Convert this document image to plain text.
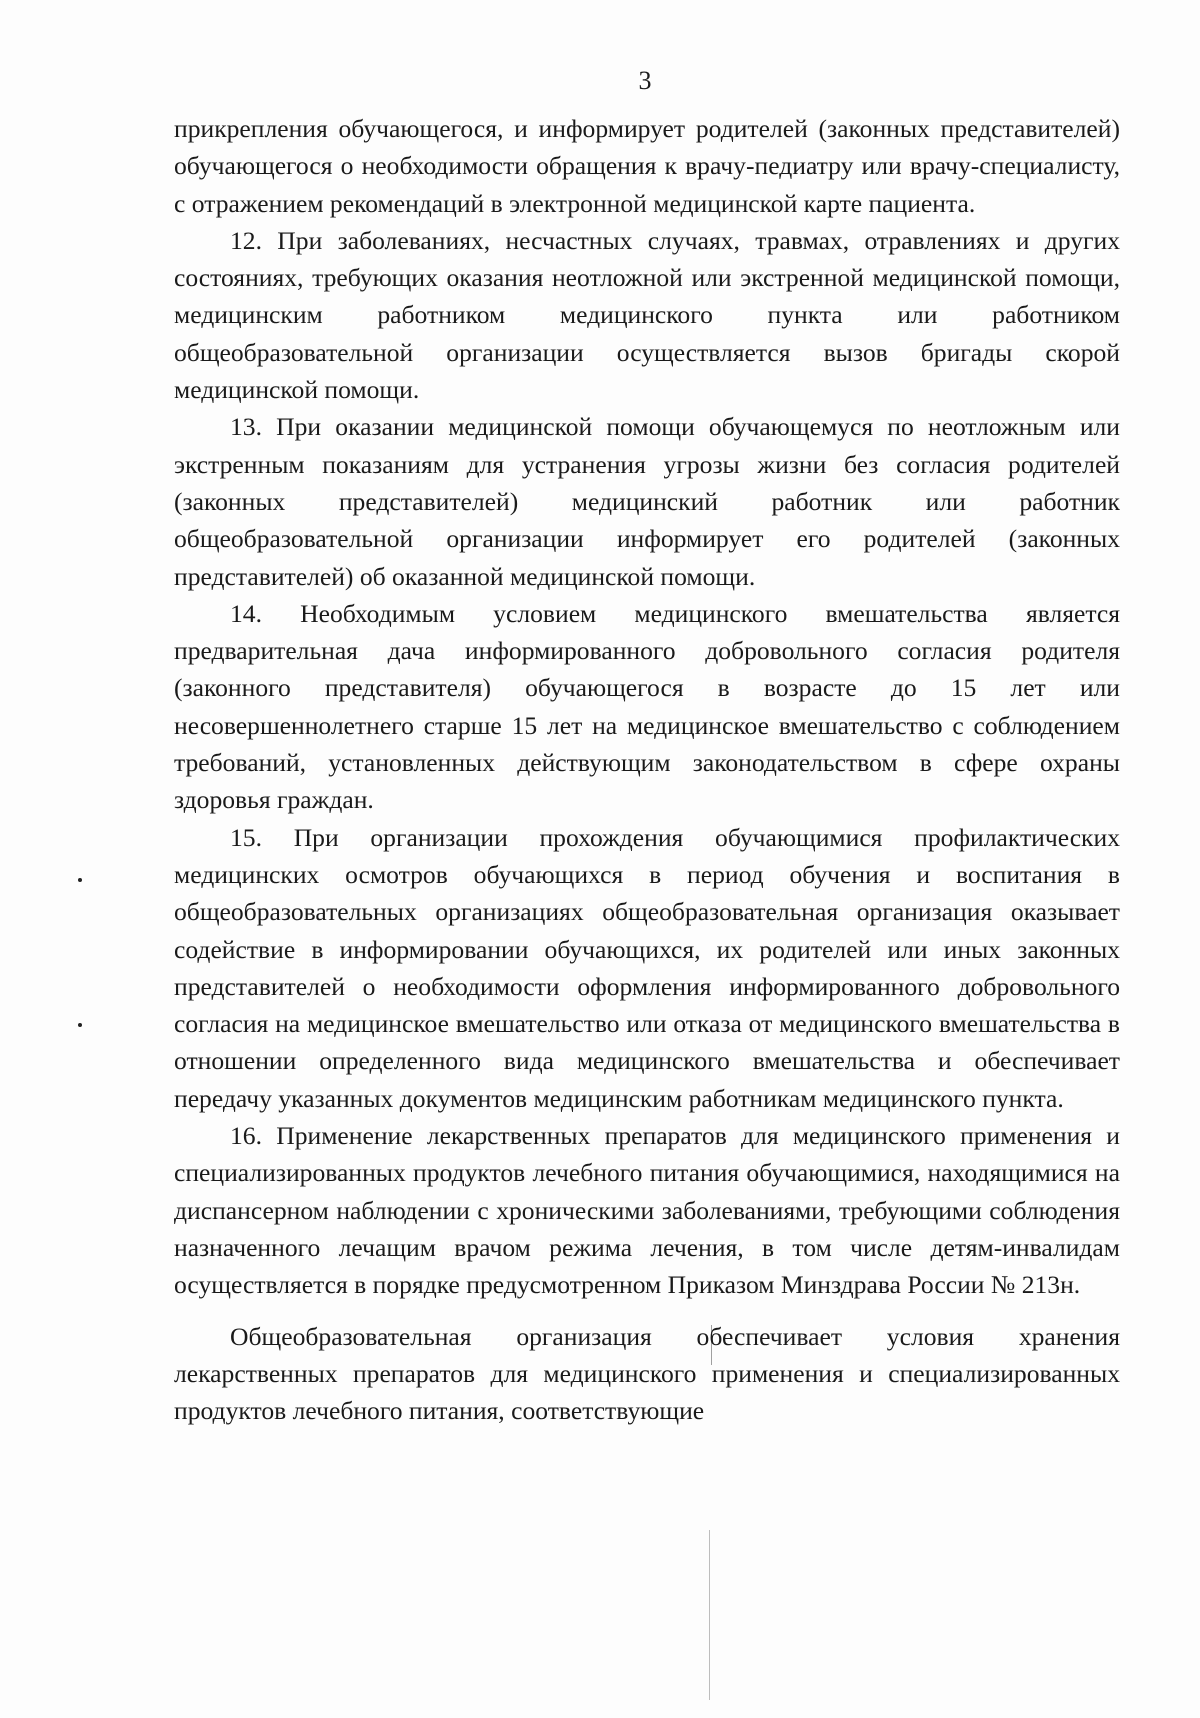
3

прикрепления обучающегося, и информирует родителей (законных представителей) обучающегося о необходимости обращения к врачу-педиатру или врачу-специалисту, с отражением рекомендаций в электронной медицинской карте пациента.

12. При заболеваниях, несчастных случаях, травмах, отравлениях и других состояниях, требующих оказания неотложной или экстренной медицинской помощи, медицинским работником медицинского пункта или работником общеобразовательной организации осуществляется вызов бригады скорой медицинской помощи.

13. При оказании медицинской помощи обучающемуся по неотложным или экстренным показаниям для устранения угрозы жизни без согласия родителей (законных представителей) медицинский работник или работник общеобразовательной организации информирует его родителей (законных представителей) об оказанной медицинской помощи.

14. Необходимым условием медицинского вмешательства является предварительная дача информированного добровольного согласия родителя (законного представителя) обучающегося в возрасте до 15 лет или несовершеннолетнего старше 15 лет на медицинское вмешательство с соблюдением требований, установленных действующим законодательством в сфере охраны здоровья граждан.

15. При организации прохождения обучающимися профилактических медицинских осмотров обучающихся в период обучения и воспитания в общеобразовательных организациях общеобразовательная организация оказывает содействие в информировании обучающихся, их родителей или иных законных представителей о необходимости оформления информированного добровольного согласия на медицинское вмешательство или отказа от медицинского вмешательства в отношении определенного вида медицинского вмешательства и обеспечивает передачу указанных документов медицинским работникам медицинского пункта.

16. Применение лекарственных препаратов для медицинского применения и специализированных продуктов лечебного питания обучающимися, находящимися на диспансерном наблюдении с хроническими заболеваниями, требующими соблюдения назначенного лечащим врачом режима лечения, в том числе детям-инвалидам осуществляется в порядке предусмотренном Приказом Минздрава России № 213н.

Общеобразовательная организация обеспечивает условия хранения лекарственных препаратов для медицинского применения и специализированных продуктов лечебного питания, соответствующие
